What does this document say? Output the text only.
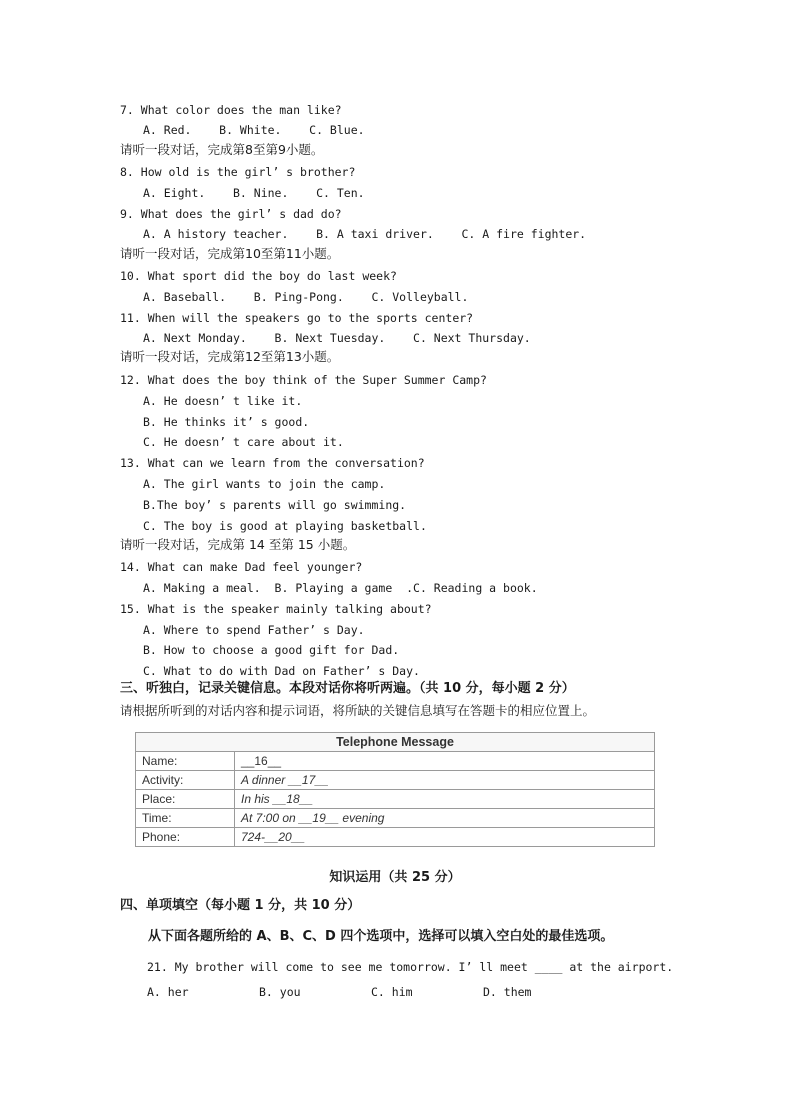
7. What color does the man like?
A. Red.    B. White.    C. Blue.
请听一段对话，完成第8至第9小题。
8. How old is the girl’ s brother?
A. Eight.    B. Nine.    C. Ten.
9. What does the girl’ s dad do?
A. A history teacher.    B. A taxi driver.    C. A fire fighter.
请听一段对话，完成第10至第11小题。
10. What sport did the boy do last week?
A. Baseball.    B. Ping-Pong.    C. Volleyball.
11. When will the speakers go to the sports center?
A. Next Monday.    B. Next Tuesday.    C. Next Thursday.
请听一段对话，完成第12至第13小题。
12. What does the boy think of the Super Summer Camp?
A. He doesn’ t like it.
B. He thinks it’ s good.
C. He doesn’ t care about it.
13. What can we learn from the conversation?
A. The girl wants to join the camp.
B.The boy’ s parents will go swimming.
C. The boy is good at playing basketball.
请听一段对话，完成第 14 至第 15 小题。
14. What can make Dad feel younger?
A. Making a meal.  B. Playing a game  .C. Reading a book.
15. What is the speaker mainly talking about?
A. Where to spend Father’ s Day.
B. How to choose a good gift for Dad.
C. What to do with Dad on Father’ s Day.
三、听独白，记录关键信息。本段对话你将听两遍。（共 10 分，每小题 2 分）
请根据所听到的对话内容和提示词语，将所缺的关键信息填写在答题卡的相应位置上。
Telephone Message	
Name:	__16__
Activity:	A dinner __17__
Place:	In his __18__
Time:	At 7:00 on __19__ evening
Phone:	724-__20__
知识运用（共 25 分）
四、单项填空（每小题 1 分，共 10 分）
从下面各题所给的 A、B、C、D 四个选项中，选择可以填入空白处的最佳选项。
21. My brother will come to see me tomorrow. I’ ll meet ____ at the airport.
A. her	B. you	C. him	D. them
